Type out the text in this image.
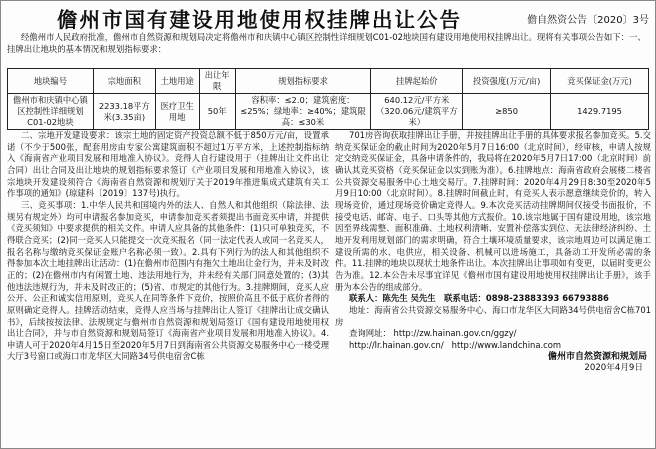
儋州市国有建设用地使用权挂牌出让公告	儋自然资公告〔2020〕3号
经儋州市人民政府批准，儋州市自然资源和规划局决定将儋州市和庆镇中心镇区控制性详细规划C01-02地块国有建设用地使用权挂牌出让。现将有关事项公告如下：一、挂牌出让地块的基本情况和规划指标要求：
地块编号	宗地面积	土地用途	出让年限	规划指标要求	挂牌起始价	投资强度(万元/亩)	竞买保证金(万元)
儋州市和庆镇中心镇区控制性详细规划C01-02地块	2233.18平方米(3.35亩)	医疗卫生用地	50年	容积率：≤2.0；建筑密度：≤25%；绿地率：≥40%；建筑限高：≤30米	640.12元/平方米（320.06元/建筑平方米）	≥850	1429.7195

二、宗地开发建设要求：该宗土地的固定资产投资总额不低于850万元/亩，设置承诺（不少于500张，配套用房由专家公寓建筑面积不超过1万平方米，上述控制指标纳入《海南省产业项目发展和用地准入协议》。竞得人自行建设用于（挂牌出让文件出让合同）出让合同及出让地块的规划指标要求签订《产业项目发展和用地准入协议》，该宗地块开发建设须符合《海南省自然资源和规划厅关于2019年推进集成式建筑有关工作事项的通知》(琼建科〔2019〕137号)执行。

三、竞买事项：1.中华人民共和国境内外的法人、自然人和其他组织（除法律、法规另有规定外）均可申请报名参加竞买，申请参加竞买者须提出书面竞买申请，并提供《竞买须知》中要求提供的相关文件。申请人应具备的其他条件：(1)只可单独竞买，不得联合竞买；(2)同一竞买人只能提交一次竞买报名（同一法定代表人或同一名竞买人，报名名称与缴纳竞买保证金账户名称必须一致）。2.具有下列行为的法人和其他组织不得参加本次土地挂牌出让活动：(1)在儋州市范围内有拖欠土地出让金行为，并未及时改正的；(2)在儋州市内有闲置土地、违法用地行为，并未经有关部门同意处置的；(3)其他违法违规行为，并未及时改正的；(5)省、市规定的其他行为。3.挂牌期间，竞买人应公开、公正和诚实信用原则，竞买人在同等条件下竞价，按照价高且不低于底价者得的原则确定竞得人。挂牌活动结束，竞得人应当场与挂牌出让人签订《挂牌出让成交确认书》，后续按按法律、法规规定与儋州市自然资源和规划局签订《国有建设用地使用权出让合同》，并与市自然资源和规划局签订《海南省产业项目发展和用地准入协议》。4.申请人可于2020年4月15日至2020年5月7日到海南省公共资源交易服务中心一楼受理大厅3号窗口或海口市龙华区大同路34号供电宿舍C栋

701房咨询获取挂牌出让手册，并按挂牌出让手册的具体要求报名参加竞买。5.交纳竞买保证金的截止时间为2020年5月7日16:00（北京时间），经审核，申请人按规定交纳竞买保证金，具备申请条件的，我局将在2020年5月7日17:00（北京时间）前确认其竞买资格（竞买保证金以实到账为准）。6.挂牌地点：海南省政府会展楼二楼省公共资源交易服务中心土地交易厅。7.挂牌时间：2020年4月29日8:30至2020年5月9日10:00（北京时间）。8.挂牌时间截止时，有竞买人表示愿意继续竞价的，转入现场竞价，通过现场竞价确定竞得人。9.本次竞买活动挂牌期间仅接受书面报价，不接受电话、邮寄、电子、口头等其他方式报价。10.该宗地属于国有建设用地，该宗地因至界线需整、面积准确、土地权利清晰、安置补偿落实到位、无法律经济纠纷、土地开发利用规划部门的需求明确，符合土壤环境质量要求，该宗地周边可以满足施工建设所需的水、电供应，相关设备、机械可以进场施工，具备动工开发所必需的条件。11.挂牌的地块以现状土地条件出让。本次挂牌出让事项如有变更，以届时变更公告为准。12.本公告未尽事宜详见《儋州市国有建设用地使用权挂牌出让手册》，该手册为本公告的组成部分。

联系人：陈先生 吴先生　联系电话：0898-23883393 66793886

地址：海南省公共资源交易服务中心、海口市龙华区大同路34号供电宿舍C栋701房

查询网址： http://zw.hainan.gov.cn/ggzy/

http://lr.hainan.gov.cn/ http://www.landchina.com

儋州市自然资源和规划局
2020年4月9日
